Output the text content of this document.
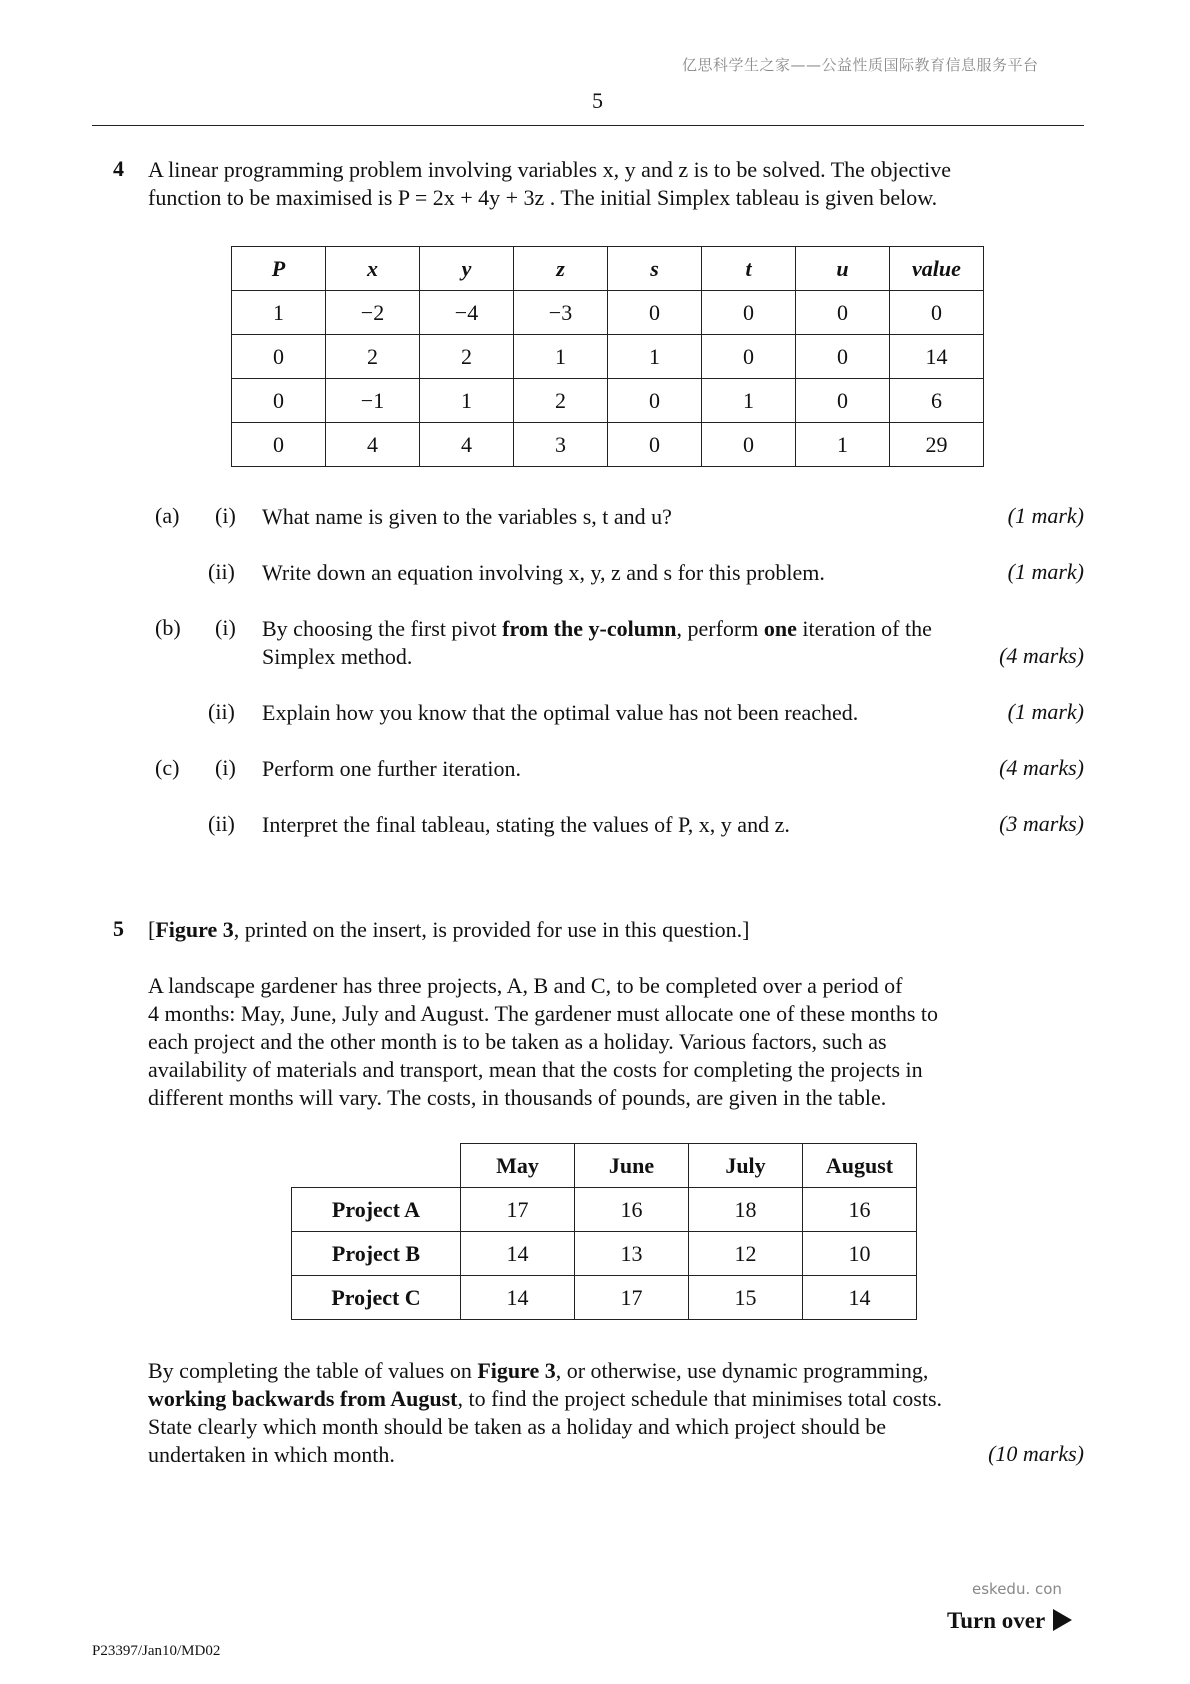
亿思科学生之家——公益性质国际教育信息服务平台
5
4 A linear programming problem involving variables x, y and z is to be solved. The objective
function to be maximised is P = 2x + 4y + 3z . The initial Simplex tableau is given below.
P	x	y	z	s	t	u	value
1	−2	−4	−3	0	0	0	0
0	2	2	1	1	0	0	14
0	−1	1	2	0	1	0	6
0	4	4	3	0	0	1	29
(a) (i) What name is given to the variables s, t and u?	(1 mark)
(ii) Write down an equation involving x, y, z and s for this problem.	(1 mark)
(b) (i) By choosing the first pivot from the y-column, perform one iteration of the
Simplex method.	(4 marks)
(ii) Explain how you know that the optimal value has not been reached.	(1 mark)
(c) (i) Perform one further iteration.	(4 marks)
(ii) Interpret the final tableau, stating the values of P, x, y and z.	(3 marks)
5 [Figure 3, printed on the insert, is provided for use in this question.]
A landscape gardener has three projects, A, B and C, to be completed over a period of
4 months: May, June, July and August. The gardener must allocate one of these months to
each project and the other month is to be taken as a holiday. Various factors, such as
availability of materials and transport, mean that the costs for completing the projects in
different months will vary. The costs, in thousands of pounds, are given in the table.
	May	June	July	August
Project A	17	16	18	16
Project B	14	13	12	10
Project C	14	17	15	14
By completing the table of values on Figure 3, or otherwise, use dynamic programming,
working backwards from August, to find the project schedule that minimises total costs.
State clearly which month should be taken as a holiday and which project should be
undertaken in which month.	(10 marks)
eskedu. con
Turn over
P23397/Jan10/MD02
